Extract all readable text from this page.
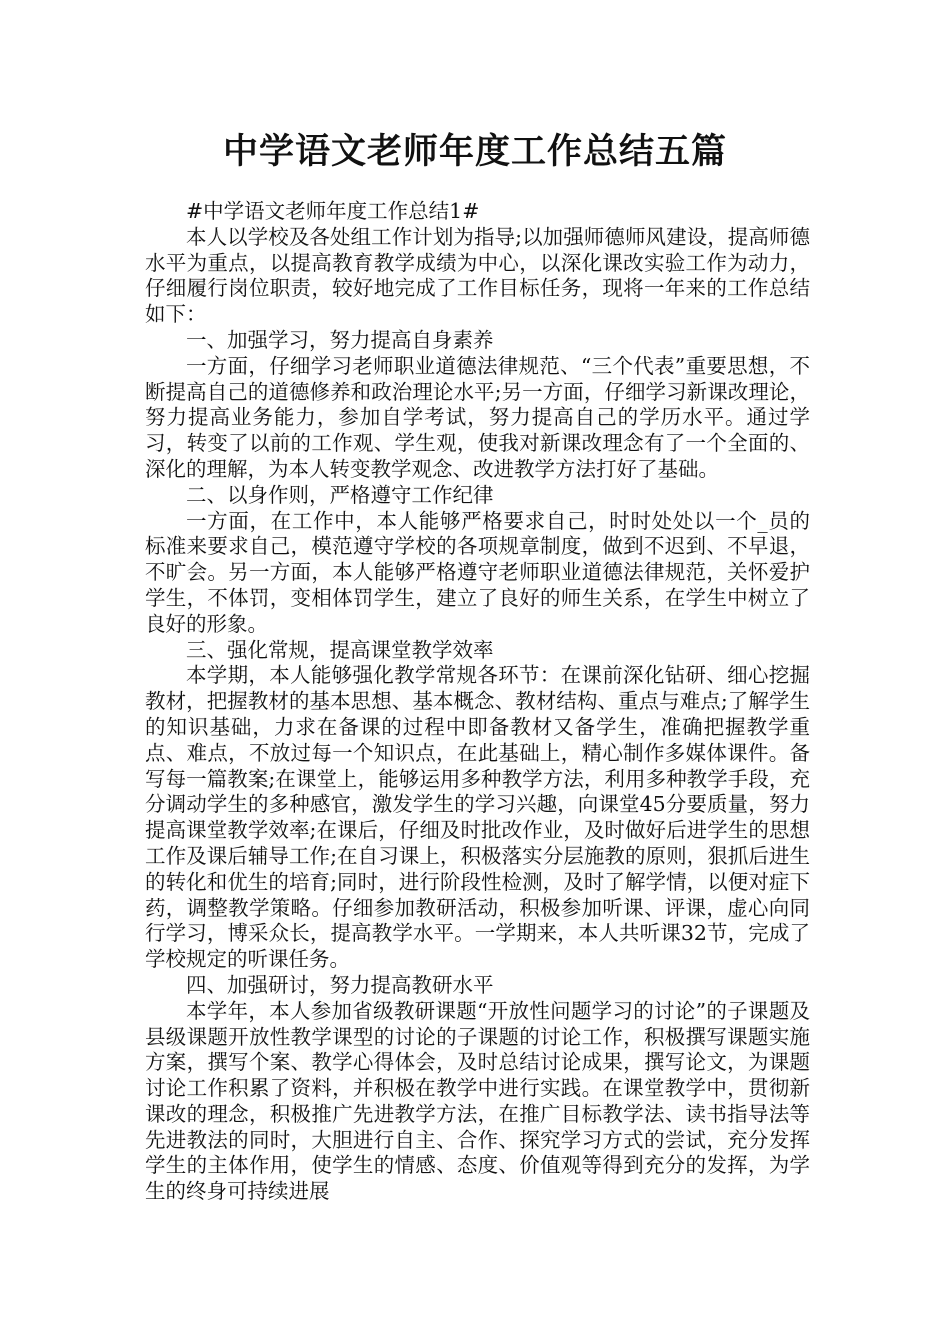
中学语文老师年度工作总结五篇

#中学语文老师年度工作总结1#

本人以学校及各处组工作计划为指导;以加强师德师风建设，提高师德水平为重点，以提高教育教学成绩为中心，以深化课改实验工作为动力，仔细履行岗位职责，较好地完成了工作目标任务，现将一年来的工作总结如下：

一、加强学习，努力提高自身素养

一方面，仔细学习老师职业道德法律规范、“三个代表”重要思想，不断提高自己的道德修养和政治理论水平;另一方面，仔细学习新课改理论，努力提高业务能力，参加自学考试，努力提高自己的学历水平。通过学习，转变了以前的工作观、学生观，使我对新课改理念有了一个全面的、深化的理解，为本人转变教学观念、改进教学方法打好了基础。

二、以身作则，严格遵守工作纪律

一方面，在工作中，本人能够严格要求自己，时时处处以一个_员的标准来要求自己，模范遵守学校的各项规章制度，做到不迟到、不早退，不旷会。另一方面，本人能够严格遵守老师职业道德法律规范，关怀爱护学生，不体罚，变相体罚学生，建立了良好的师生关系，在学生中树立了良好的形象。

三、强化常规，提高课堂教学效率

本学期，本人能够强化教学常规各环节：在课前深化钻研、细心挖掘教材，把握教材的基本思想、基本概念、教材结构、重点与难点;了解学生的知识基础，力求在备课的过程中即备教材又备学生，准确把握教学重点、难点，不放过每一个知识点，在此基础上，精心制作多媒体课件。备写每一篇教案;在课堂上，能够运用多种教学方法，利用多种教学手段，充分调动学生的多种感官，激发学生的学习兴趣，向课堂45分要质量，努力提高课堂教学效率;在课后，仔细及时批改作业，及时做好后进学生的思想工作及课后辅导工作;在自习课上，积极落实分层施教的原则，狠抓后进生的转化和优生的培育;同时，进行阶段性检测，及时了解学情，以便对症下药，调整教学策略。仔细参加教研活动，积极参加听课、评课，虚心向同行学习，博采众长，提高教学水平。一学期来，本人共听课32节，完成了学校规定的听课任务。

四、加强研讨，努力提高教研水平

本学年，本人参加省级教研课题“开放性问题学习的讨论”的子课题及县级课题开放性教学课型的讨论的子课题的讨论工作，积极撰写课题实施方案，撰写个案、教学心得体会，及时总结讨论成果，撰写论文，为课题讨论工作积累了资料，并积极在教学中进行实践。在课堂教学中，贯彻新课改的理念，积极推广先进教学方法，在推广目标教学法、读书指导法等先进教法的同时，大胆进行自主、合作、探究学习方式的尝试，充分发挥学生的主体作用，使学生的情感、态度、价值观等得到充分的发挥，为学生的终身可持续进展
